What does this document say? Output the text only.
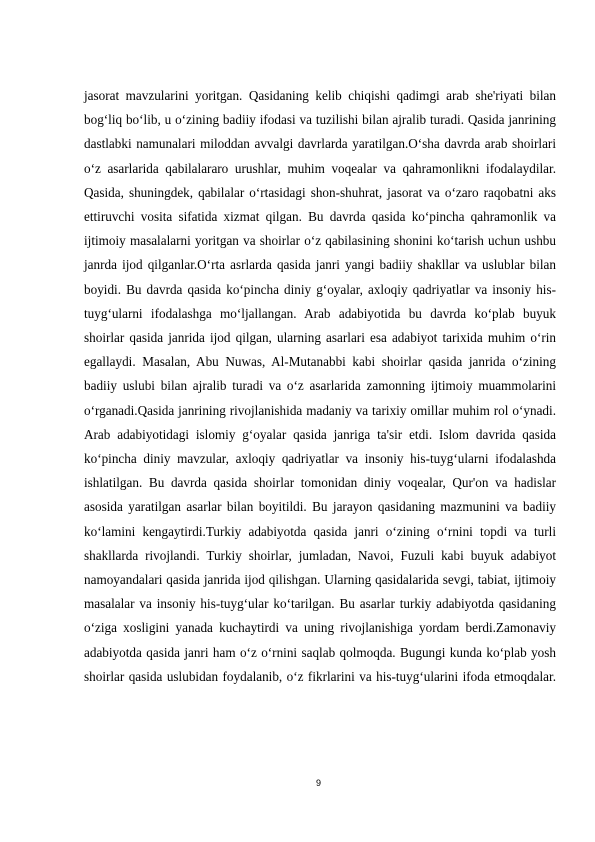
jasorat mavzularini yoritgan. Qasidaning kelib chiqishi qadimgi arab she'riyati bilan bog‘liq bo‘lib, u o‘zining badiiy ifodasi va tuzilishi bilan ajralib turadi. Qasida janrining dastlabki namunalari miloddan avvalgi davrlarda yaratilgan.O‘sha davrda arab shoirlari o‘z asarlarida qabilalararo urushlar, muhim voqealar va qahramonlikni ifodalaydilar. Qasida, shuningdek, qabilalar o‘rtasidagi shon-shuhrat, jasorat va o‘zaro raqobatni aks ettiruvchi vosita sifatida xizmat qilgan. Bu davrda qasida ko‘pincha qahramonlik va ijtimoiy masalalarni yoritgan va shoirlar o‘z qabilasining shonini ko‘tarish uchun ushbu janrda ijod qilganlar.O‘rta asrlarda qasida janri yangi badiiy shakllar va uslublar bilan boyidi. Bu davrda qasida ko‘pincha diniy g‘oyalar, axloqiy qadriyatlar va insoniy his-tuyg‘ularni ifodalashga mo‘ljallangan. Arab adabiyotida bu davrda ko‘plab buyuk shoirlar qasida janrida ijod qilgan, ularning asarlari esa adabiyot tarixida muhim o‘rin egallaydi. Masalan, Abu Nuwas, Al-Mutanabbi kabi shoirlar qasida janrida o‘zining badiiy uslubi bilan ajralib turadi va o‘z asarlarida zamonning ijtimoiy muammolarini o‘rganadi.Qasida janrining rivojlanishida madaniy va tarixiy omillar muhim rol o‘ynadi. Arab adabiyotidagi islomiy g‘oyalar qasida janriga ta'sir etdi. Islom davrida qasida ko‘pincha diniy mavzular, axloqiy qadriyatlar va insoniy his-tuyg‘ularni ifodalashda ishlatilgan. Bu davrda qasida shoirlar tomonidan diniy voqealar, Qur'on va hadislar asosida yaratilgan asarlar bilan boyitildi. Bu jarayon qasidaning mazmunini va badiiy ko‘lamini kengaytirdi.Turkiy adabiyotda qasida janri o‘zining o‘rnini topdi va turli shakllarda rivojlandi. Turkiy shoirlar, jumladan, Navoi, Fuzuli kabi buyuk adabiyot namoyandalari qasida janrida ijod qilishgan. Ularning qasidalarida sevgi, tabiat, ijtimoiy masalalar va insoniy his-tuyg‘ular ko‘tarilgan. Bu asarlar turkiy adabiyotda qasidaning o‘ziga xosligini yanada kuchaytirdi va uning rivojlanishiga yordam berdi.Zamonaviy adabiyotda qasida janri ham o‘z o‘rnini saqlab qolmoqda. Bugungi kunda ko‘plab yosh shoirlar qasida uslubidan foydalanib, o‘z fikrlarini va his-tuyg‘ularini ifoda etmoqdalar.

9
